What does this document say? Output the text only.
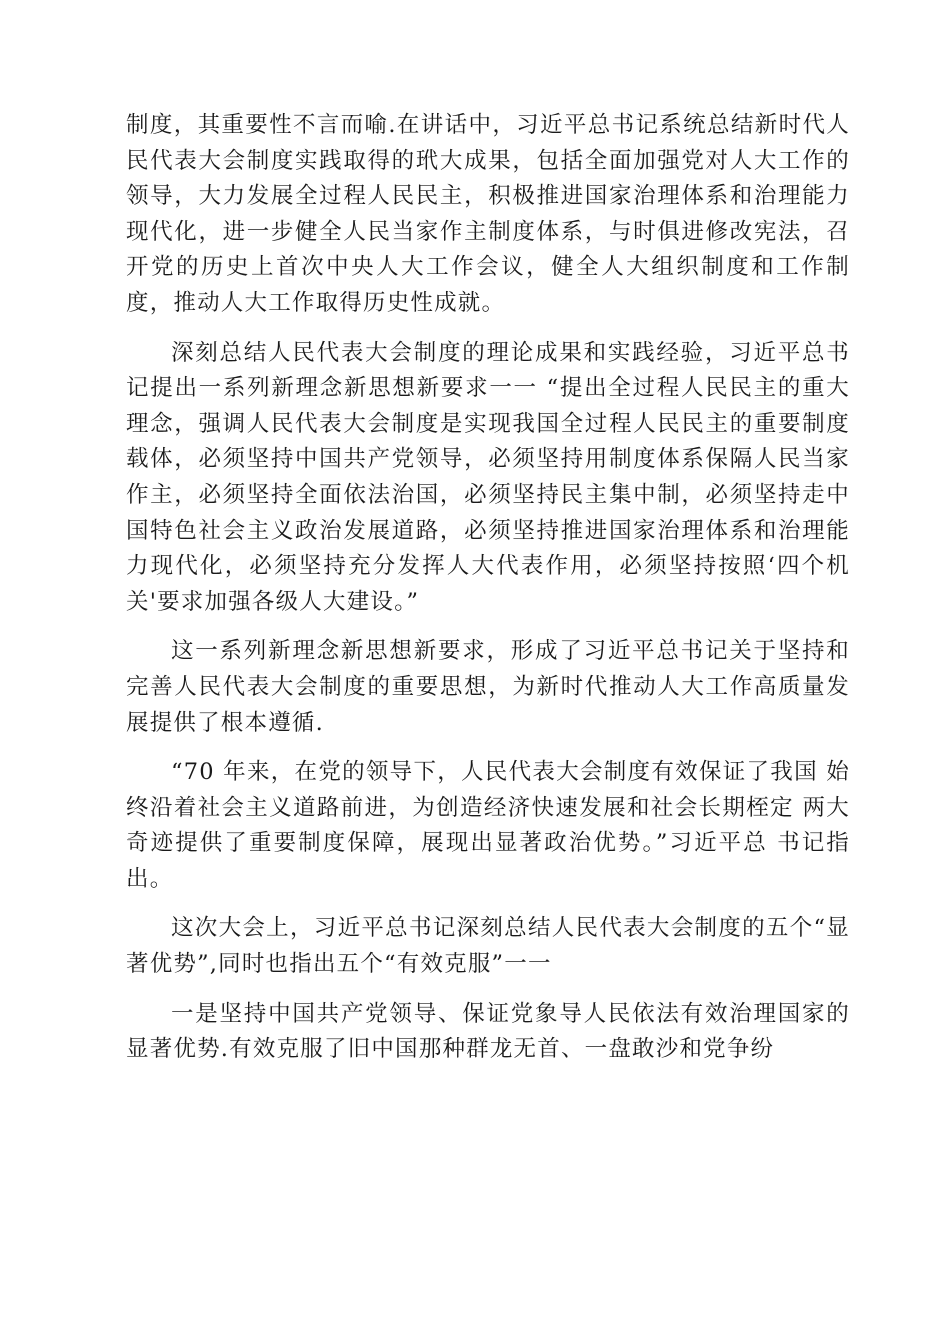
制度，其重要性不言而喻.在讲话中，习近平总书记系统总结新时代人民代表大会制度实践取得的玳大成果，包括全面加强党对人大工作的领导，大力发展全过程人民民主，积极推进国家治理体系和治理能力现代化，进一步健全人民当家作主制度体系，与时俱进修改宪法，召开党的历史上首次中央人大工作会议，健全人大组织制度和工作制度，推动人大工作取得历史性成就。

深刻总结人民代表大会制度的理论成果和实践经验，习近平总书记提出一系列新理念新思想新要求一一 “提出全过程人民民主的重大理念，强调人民代表大会制度是实现我国全过程人民民主的重要制度载体，必须坚持中国共产党领导，必须坚持用制度体系保隔人民当家作主，必须坚持全面依法治国，必须坚持民主集中制，必须坚持走中国特色社会主义政治发展道路，必须坚持推进国家治理体系和治理能力现代化，必须坚持充分发挥人大代表作用，必须坚持按照‘四个机关'要求加强各级人大建设。”

这一系列新理念新思想新要求，形成了习近平总书记关于坚持和完善人民代表大会制度的重要思想，为新时代推动人大工作高质量发展提供了根本遵循.

“70 年来，在党的领导下，人民代表大会制度有效保证了我国 始终沿着社会主义道路前进，为创造经济快速发展和社会长期桎定 两大奇迹提供了重要制度保障，展现出显著政治优势。”习近平总 书记指出。

这次大会上，习近平总书记深刻总结人民代表大会制度的五个“显著优势”,同时也指出五个“有效克服”一一

一是坚持中国共产党领导、保证党象导人民依法有效治理国家的显著优势.有效克服了旧中国那种群龙无首、一盘敢沙和党争纷
